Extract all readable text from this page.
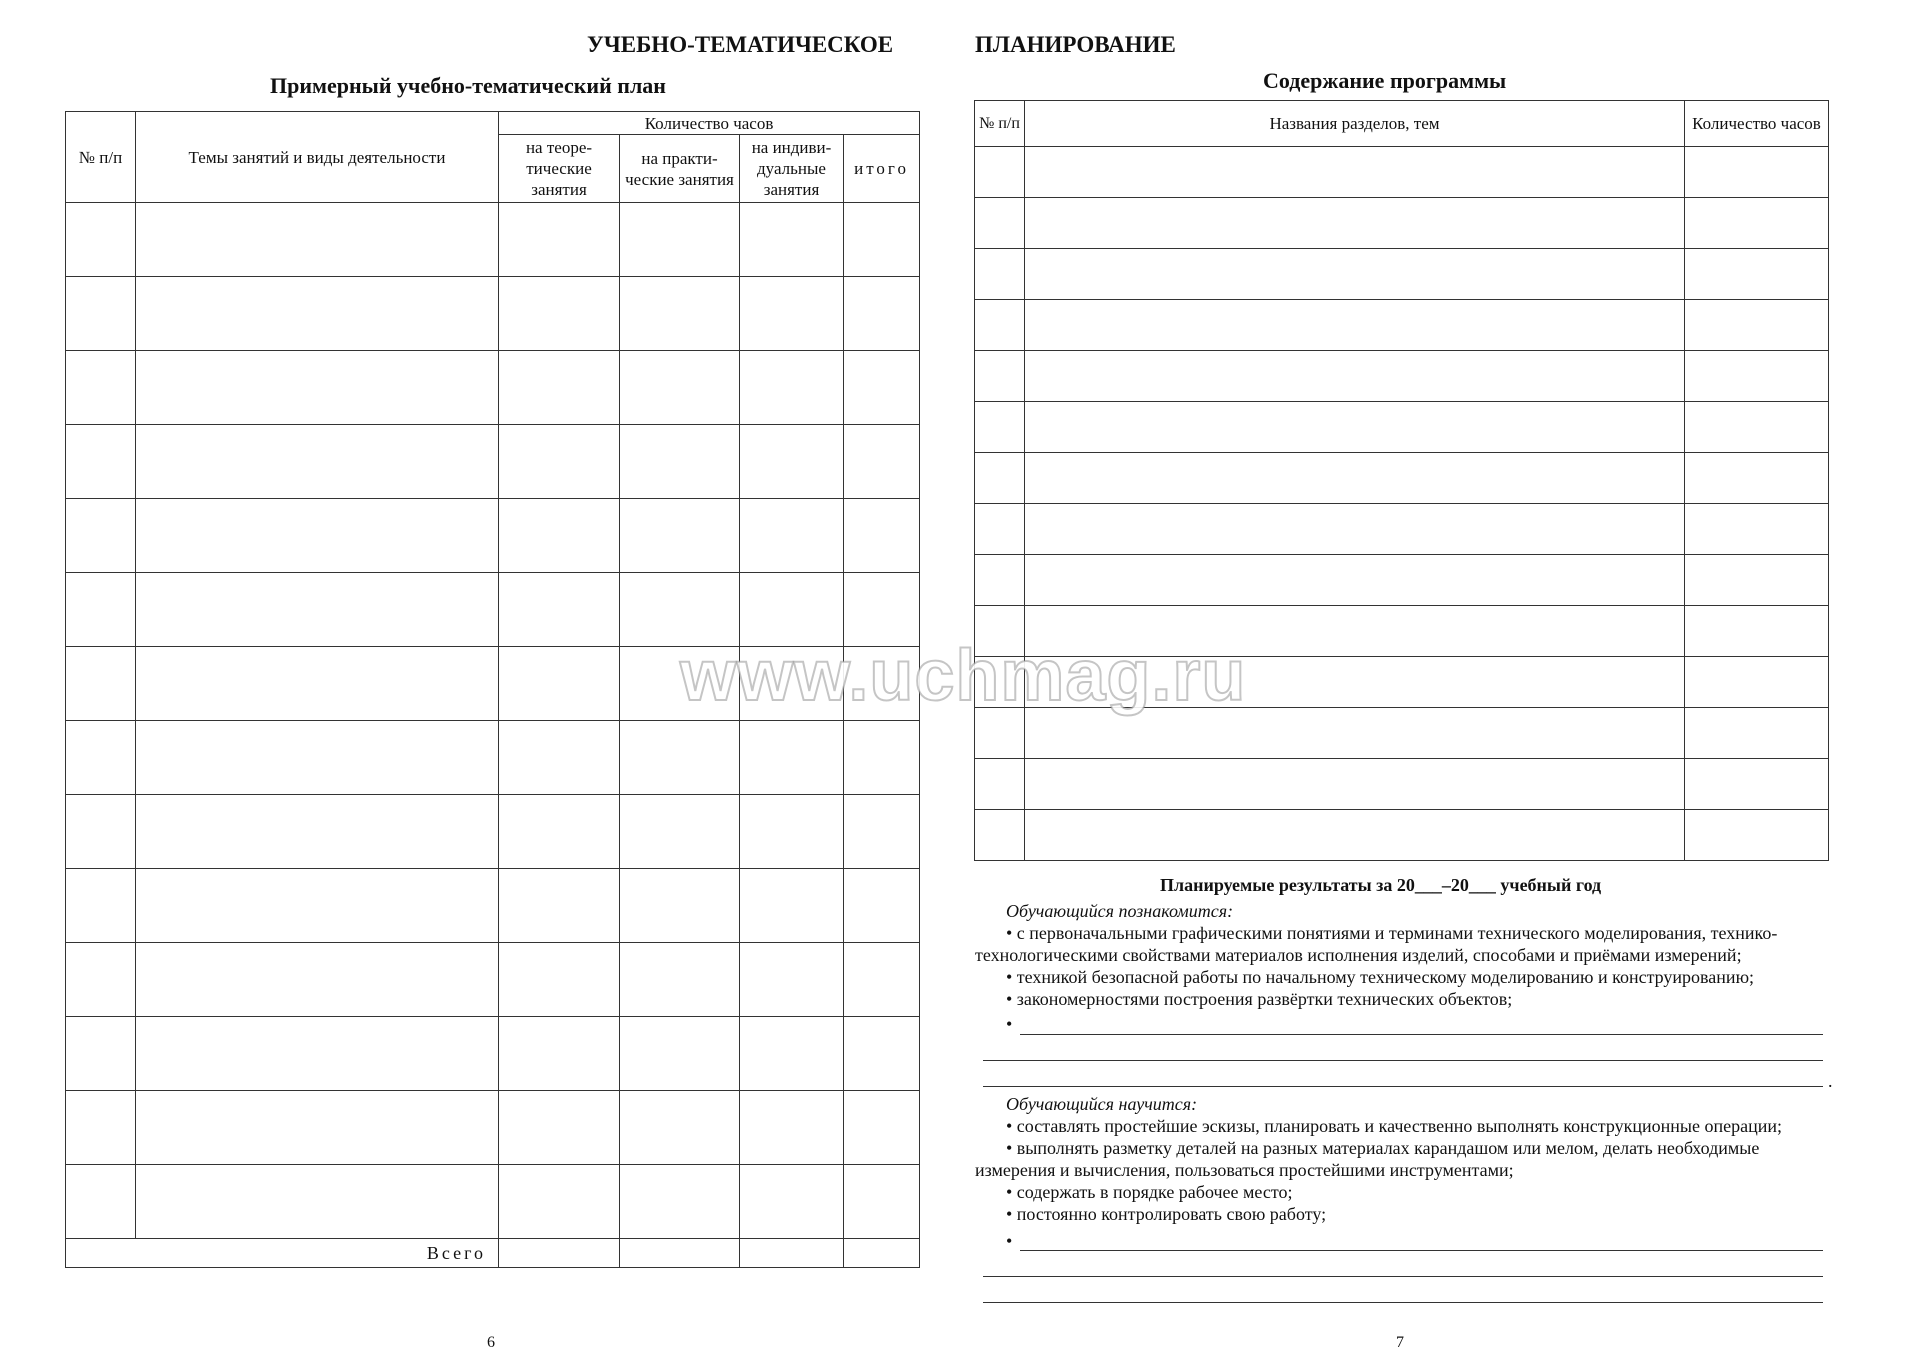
УЧЕБНО-ТЕМАТИЧЕСКОЕ	ПЛАНИРОВАНИЕ
Примерный учебно-тематический план
№ п/п	Темы занятий и виды деятельности	Количество часов			
		на теоре- тические занятия	на практи- ческие занятия	на индиви- дуальные занятия	итого

Всего					
6
Содержание программы
№ п/п	Названия разделов, тем	Количество часов

Планируемые результаты за 20___–20___ учебный год
Обучающийся познакомится:
• с первоначальными графическими понятиями и терминами технического моделирования, технико-
технологическими свойствами материалов исполнения изделий, способами и приёмами измерений;
• техникой безопасной работы по начальному техническому моделированию и конструированию;
• закономерностями построения развёртки технических объектов;
•
.
Обучающийся научится:
• составлять простейшие эскизы, планировать и качественно выполнять конструкционные операции;
• выполнять разметку деталей на разных материалах карандашом или мелом, делать необходимые
измерения и вычисления, пользоваться простейшими инструментами;
• содержать в порядке рабочее место;
• постоянно контролировать свою работу;
•
7
www.uchmag.ru
